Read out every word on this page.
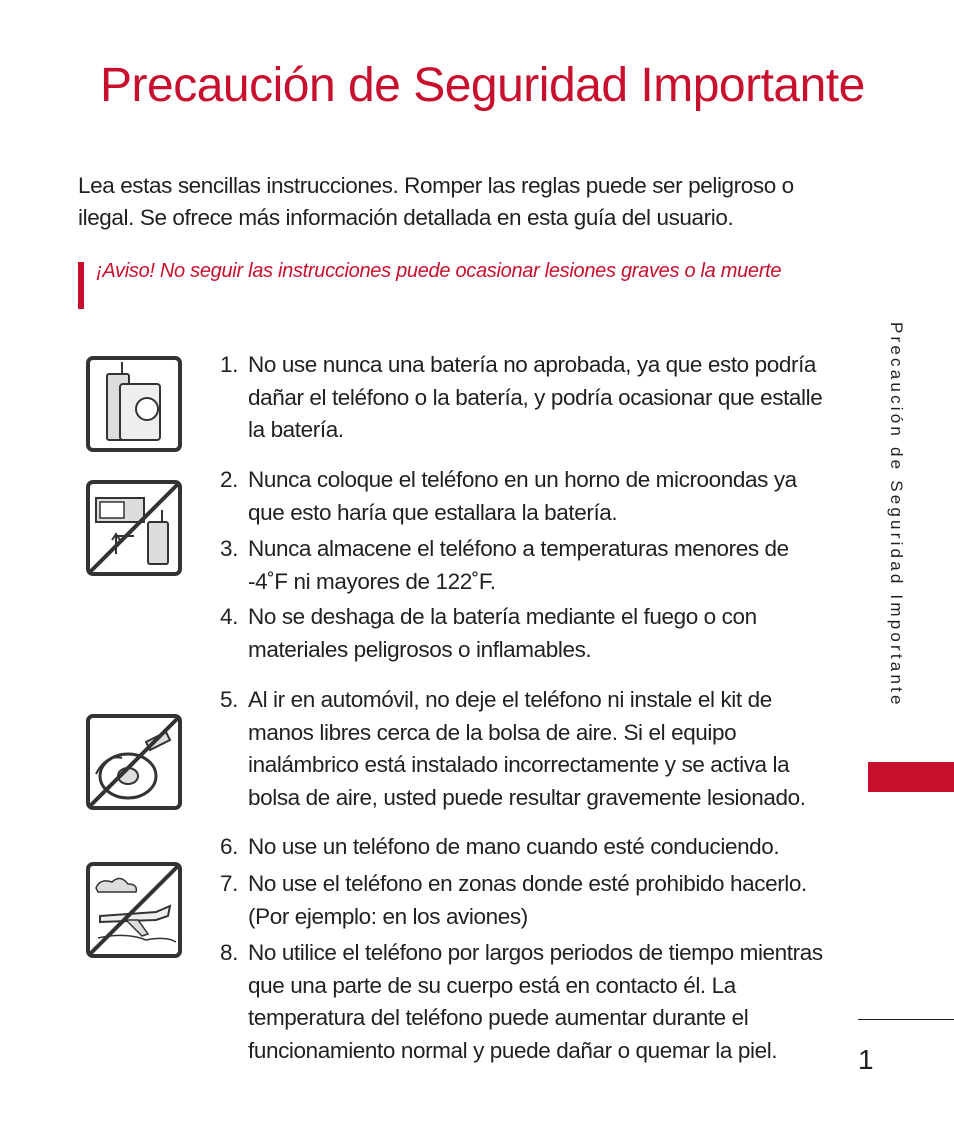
Precaución de Seguridad Importante

Lea estas sencillas instrucciones. Romper las reglas puede ser peligroso o ilegal. Se ofrece más información detallada en esta guía del usuario.

¡Aviso! No seguir las instrucciones puede ocasionar lesiones graves o la muerte

1. No use nunca una batería no aprobada, ya que esto podría dañar el teléfono o la batería, y podría ocasionar que estalle la batería.
2. Nunca coloque el teléfono en un horno de microondas ya que esto haría que estallara la batería.
3. Nunca almacene el teléfono a temperaturas menores de -4˚F ni mayores de 122˚F.
4. No se deshaga de la batería mediante el fuego o con materiales peligrosos o inflamables.
5. Al ir en automóvil, no deje el teléfono ni instale el kit de manos libres cerca de la bolsa de aire. Si el equipo inalámbrico está instalado incorrectamente y se activa la bolsa de aire, usted puede resultar gravemente lesionado.
6. No use un teléfono de mano cuando esté conduciendo.
7. No use el teléfono en zonas donde esté prohibido hacerlo. (Por ejemplo: en los aviones)
8. No utilice el teléfono por largos periodos de tiempo mientras que una parte de su cuerpo está en contacto él. La temperatura del teléfono puede aumentar durante el funcionamiento normal y puede dañar o quemar la piel.
Precaución de Seguridad Importante
1
